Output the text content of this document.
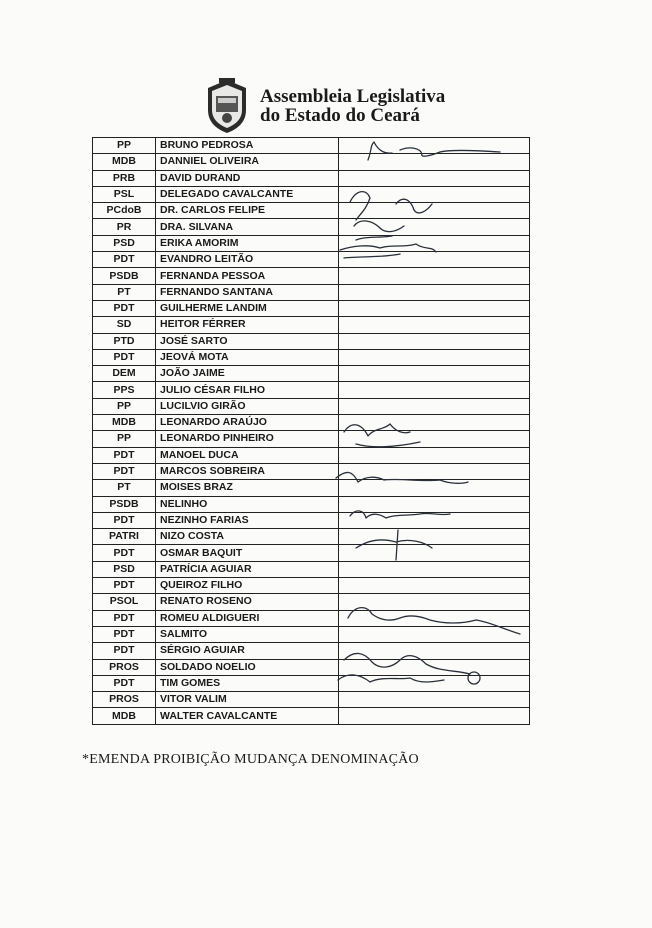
Assembleia Legislativa
do Estado do Ceará
PP	BRUNO PEDROSA	
MDB	DANNIEL OLIVEIRA	
PRB	DAVID DURAND	
PSL	DELEGADO CAVALCANTE	
PCdoB	DR. CARLOS FELIPE	
PR	DRA. SILVANA	
PSD	ERIKA AMORIM	
PDT	EVANDRO LEITÃO	
PSDB	FERNANDA PESSOA	
PT	FERNANDO SANTANA	
PDT	GUILHERME LANDIM	
SD	HEITOR FÉRRER	
PTD	JOSÉ SARTO	
PDT	JEOVÁ MOTA	
DEM	JOÃO JAIME	
PPS	JULIO CÉSAR FILHO	
PP	LUCILVIO GIRÃO	
MDB	LEONARDO ARAÚJO	
PP	LEONARDO PINHEIRO	
PDT	MANOEL DUCA	
PDT	MARCOS SOBREIRA	
PT	MOISES BRAZ	
PSDB	NELINHO	
PDT	NEZINHO FARIAS	
PATRI	NIZO COSTA	
PDT	OSMAR BAQUIT	
PSD	PATRÍCIA AGUIAR	
PDT	QUEIROZ FILHO	
PSOL	RENATO ROSENO	
PDT	ROMEU ALDIGUERI	
PDT	SALMITO	
PDT	SÉRGIO AGUIAR	
PROS	SOLDADO NOELIO	
PDT	TIM GOMES	
PROS	VITOR VALIM	
MDB	WALTER CAVALCANTE	
*EMENDA PROIBIÇÃO MUDANÇA DENOMINAÇÃO
